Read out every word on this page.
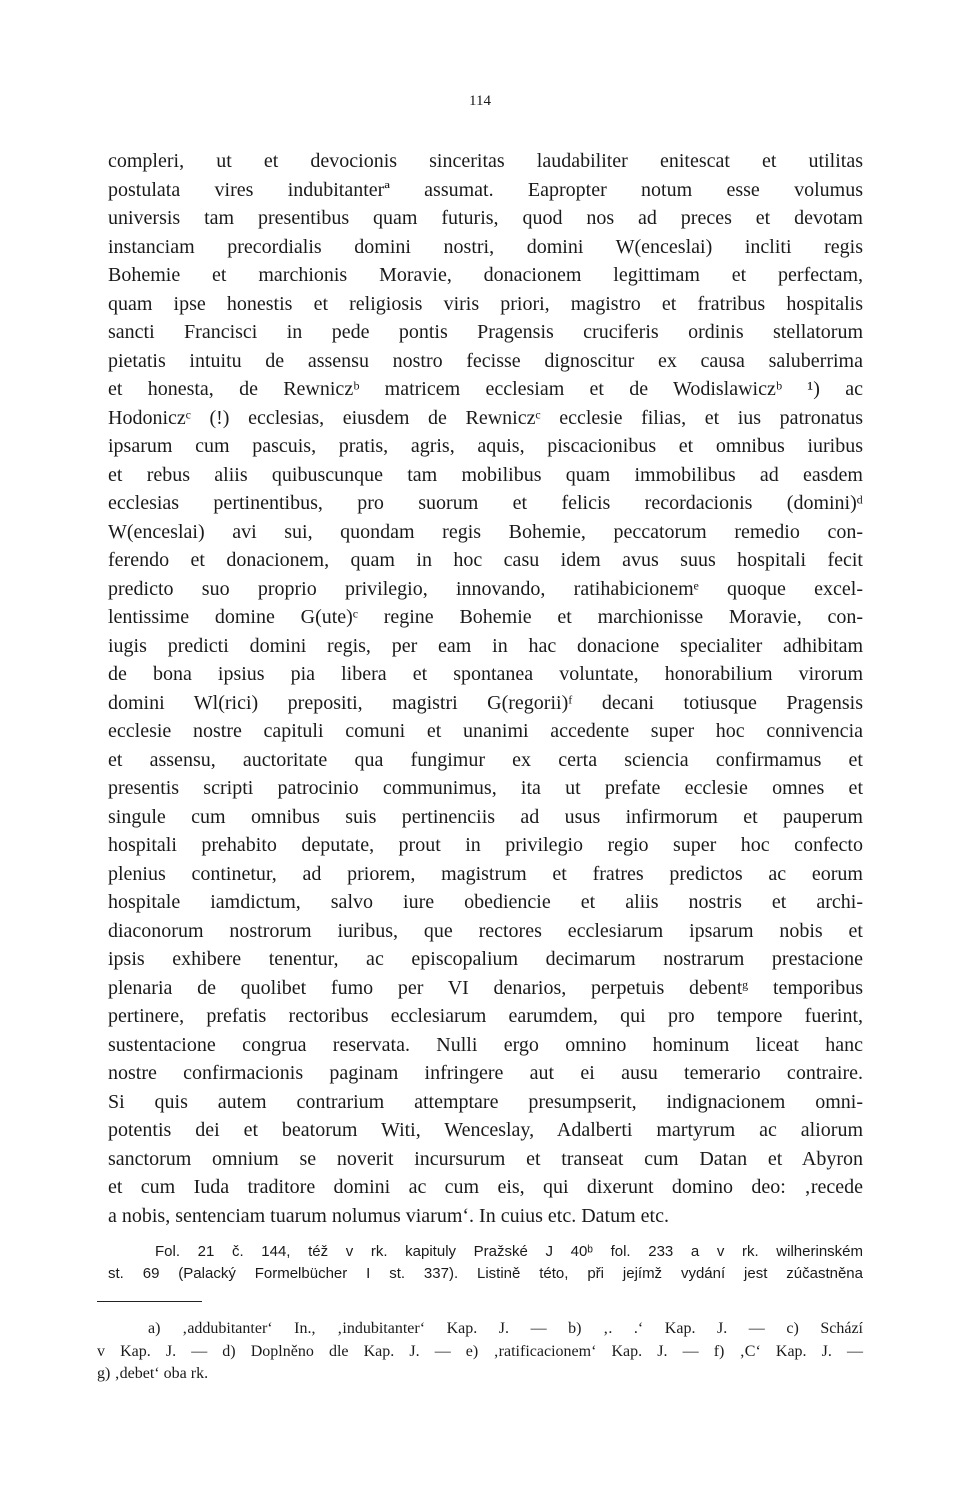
114
compleri, ut et devocionis sinceritas laudabiliter enitescat et utilitas
postulata vires indubitanterª assumat. Eapropter notum esse volumus
universis tam presentibus quam futuris, quod nos ad preces et devotam
instanciam precordialis domini nostri, domini W(enceslai) incliti regis
Bohemie et marchionis Moravie, donacionem legittimam et perfectam,
quam ipse honestis et religiosis viris priori, magistro et fratribus hospitalis
sancti Francisci in pede pontis Pragensis cruciferis ordinis stellatorum
pietatis intuitu de assensu nostro fecisse dignoscitur ex causa saluberrima
et honesta, de Rewniczᵇ matricem ecclesiam et de Wodislawiczᵇ ¹) ac
Hodoniczᶜ (!) ecclesias, eiusdem de Rewniczᶜ ecclesie filias, et ius patronatus
ipsarum cum pascuis, pratis, agris, aquis, piscacionibus et omnibus iuribus
et rebus aliis quibuscunque tam mobilibus quam immobilibus ad easdem
ecclesias pertinentibus, pro suorum et felicis recordacionis (domini)ᵈ
W(enceslai) avi sui, quondam regis Bohemie, peccatorum remedio con-
ferendo et donacionem, quam in hoc casu idem avus suus hospitali fecit
predicto suo proprio privilegio, innovando, ratihabicionemᵉ quoque excel-
lentissime domine G(ute)ᶜ regine Bohemie et marchionisse Moravie, con-
iugis predicti domini regis, per eam in hac donacione specialiter adhibitam
de bona ipsius pia libera et spontanea voluntate, honorabilium virorum
domini Wl(rici) prepositi, magistri G(regorii)ᶠ decani totiusque Pragensis
ecclesie nostre capituli comuni et unanimi accedente super hoc connivencia
et assensu, auctoritate qua fungimur ex certa sciencia confirmamus et
presentis scripti patrocinio communimus, ita ut prefate ecclesie omnes et
singule cum omnibus suis pertinenciis ad usus infirmorum et pauperum
hospitali prehabito deputate, prout in privilegio regio super hoc confecto
plenius continetur, ad priorem, magistrum et fratres predictos ac eorum
hospitale iamdictum, salvo iure obediencie et aliis nostris et archi-
diaconorum nostrorum iuribus, que rectores ecclesiarum ipsarum nobis et
ipsis exhibere tenentur, ac episcopalium decimarum nostrarum prestacione
plenaria de quolibet fumo per VI denarios, perpetuis debentᵍ temporibus
pertinere, prefatis rectoribus ecclesiarum earumdem, qui pro tempore fuerint,
sustentacione congrua reservata. Nulli ergo omnino hominum liceat hanc
nostre confirmacionis paginam infringere aut ei ausu temerario contraire.
Si quis autem contrarium attemptare presumpserit, indignacionem omni-
potentis dei et beatorum Witi, Wenceslay, Adalberti martyrum ac aliorum
sanctorum omnium se noverit incursurum et transeat cum Datan et Abyron
et cum Iuda traditore domini ac cum eis, qui dixerunt domino deo: ‚recede
a nobis, sentenciam tuarum nolumus viarum‘. In cuius etc. Datum etc.
Fol. 21 č. 144, též v rk. kapituly Pražské J 40ᵇ fol. 233 a v rk. wilherinském
st. 69 (Palacký Formelbücher I st. 337). Listině této, při jejímž vydání jest zúčastněna
a) ‚addubitanter‘ In., ‚indubitanter‘ Kap. J. — b) ‚. .‘ Kap. J. — c) Schází
v Kap. J. — d) Doplněno dle Kap. J. — e) ‚ratificacionem‘ Kap. J. — f) ‚C‘ Kap. J. —
g) ‚debet‘ oba rk.
